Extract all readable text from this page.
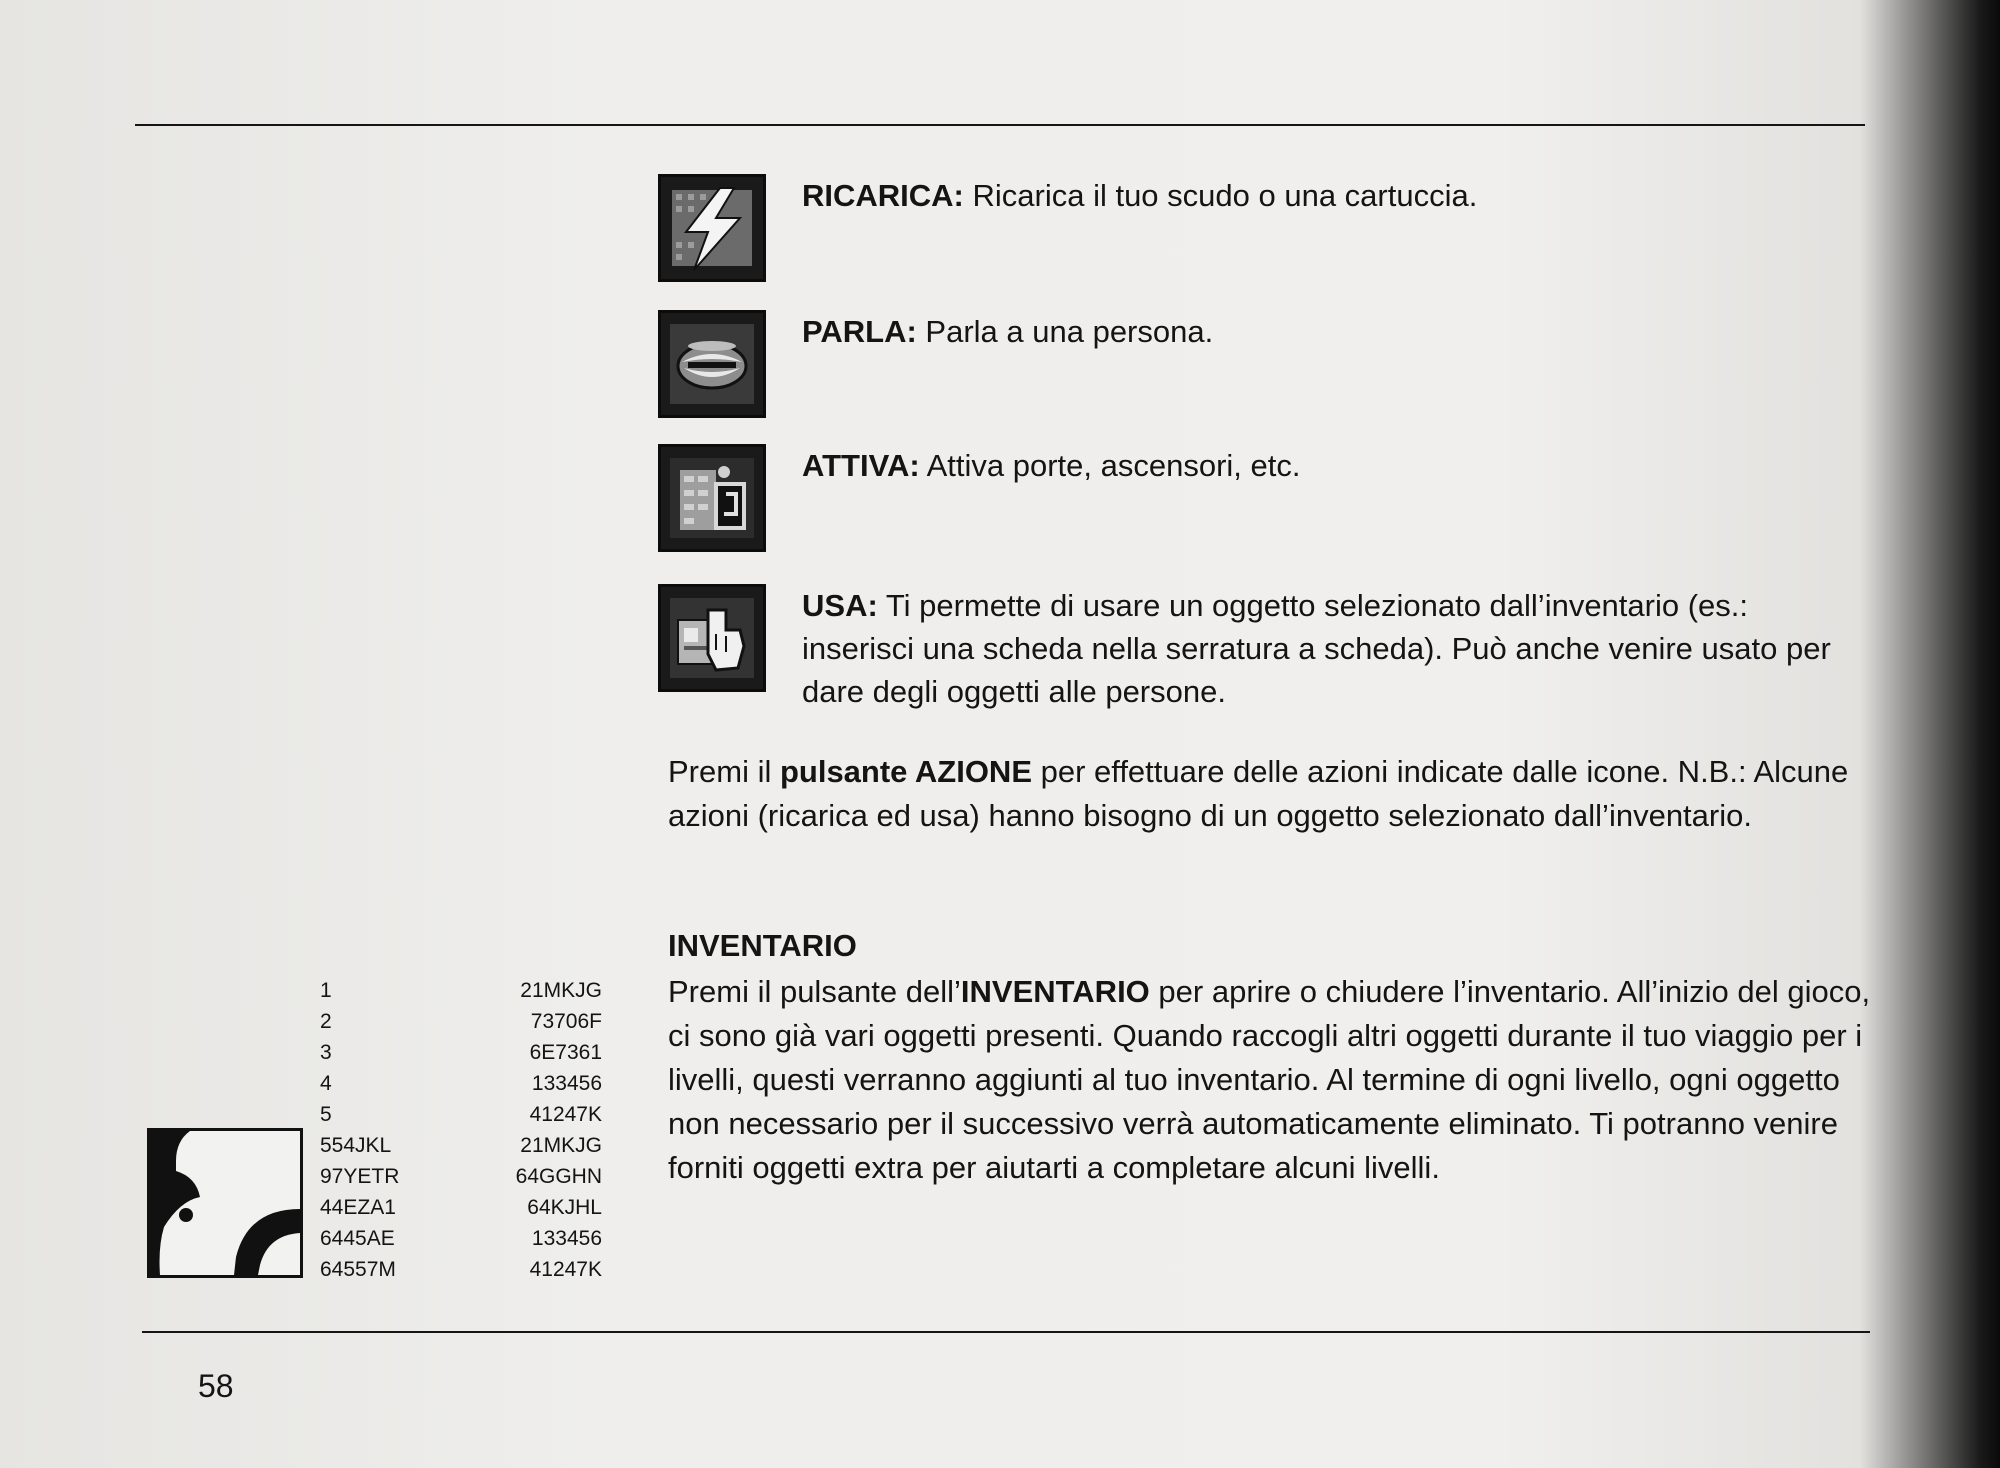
RICARICA: Ricarica il tuo scudo o una cartuccia.
PARLA: Parla a una persona.
ATTIVA: Attiva porte, ascensori, etc.
USA: Ti permette di usare un oggetto selezionato dall’inventario (es.: inserisci una scheda nella serratura a scheda). Può anche venire usato per dare degli oggetti alle persone.
Premi il pulsante AZIONE per effettuare delle azioni indicate dalle icone. N.B.: Alcune azioni (ricarica ed usa) hanno bisogno di un oggetto selezionato dall’inventario.
INVENTARIO
Premi il pulsante dell’INVENTARIO per aprire o chiudere l’inventario. All’inizio del gioco, ci sono già vari oggetti presenti. Quando raccogli altri oggetti durante il tuo viaggio per i livelli, questi verranno aggiunti al tuo inventario. Al termine di ogni livello, ogni oggetto non necessario per il successivo verrà automaticamente eliminato. Ti potranno venire forniti oggetti extra per aiutarti a completare alcuni livelli.
1	21MKJG
2	73706F
3	6E7361
4	133456
5	41247K
554JKL	21MKJG
97YETR	64GGHN
44EZA1	64KJHL
6445AE	133456
64557M	41247K
58
